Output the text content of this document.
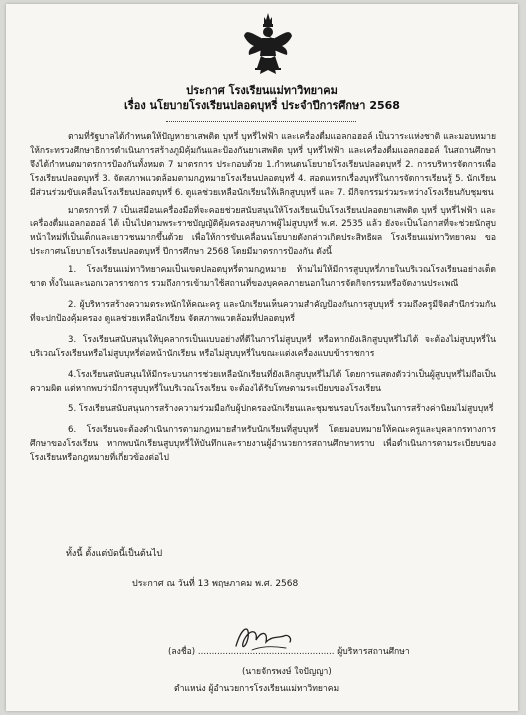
ประกาศ โรงเรียนแม่ทาวิทยาคม
เรื่อง นโยบายโรงเรียนปลอดบุหรี่ ประจำปีการศึกษา 2568

ตามที่รัฐบาลได้กำหนดให้ปัญหายาเสพติด บุหรี่ บุหรี่ไฟฟ้า และเครื่องดื่มแอลกอฮอล์ เป็นวาระแห่งชาติ และมอบหมายให้กระทรวงศึกษาธิการดำเนินการสร้างภูมิคุ้มกันและป้องกันยาเสพติด บุหรี่ บุหรี่ไฟฟ้า และเครื่องดื่มแอลกอฮอล์ ในสถานศึกษา จึงได้กำหนดมาตรการป้องกันทั้งหมด 7 มาตรการ ประกอบด้วย 1.กำหนดนโยบายโรงเรียนปลอดบุหรี่ 2. การบริหารจัดการเพื่อโรงเรียนปลอดบุหรี่ 3. จัดสภาพแวดล้อมตามกฎหมายโรงเรียนปลอดบุหรี่ 4. สอดแทรกเรื่องบุหรี่ในการจัดการเรียนรู้ 5. นักเรียนมีส่วนร่วมขับเคลื่อนโรงเรียนปลอดบุหรี่ 6. ดูแลช่วยเหลือนักเรียนให้เลิกสูบบุหรี่ และ 7. มีกิจกรรมร่วมระหว่างโรงเรียนกับชุมชน

มาตรการที่ 7 เป็นเสมือนเครื่องมือที่จะคอยช่วยสนับสนุนให้โรงเรียนเป็นโรงเรียนปลอดยาเสพติด บุหรี่ บุหรี่ไฟฟ้า และเครื่องดื่มแอลกอฮอล์ ได้ เป็นไปตามพระราชบัญญัติคุ้มครองสุขภาพผู้ไม่สูบบุหรี่ พ.ศ. 2535 แล้ว ยังจะเป็นโอกาสที่จะช่วยนักสูบหน้าใหม่ที่เป็นเด็กและเยาวชนมากขึ้นด้วย เพื่อให้การขับเคลื่อนนโยบายดังกล่าวเกิดประสิทธิผล โรงเรียนแม่ทาวิทยาคม ขอประกาศนโยบายโรงเรียนปลอดบุหรี่ ปีการศึกษา 2568 โดยมีมาตรการป้องกัน ดังนี้

1. โรงเรียนแม่ทาวิทยาคมเป็นเขตปลอดบุหรี่ตามกฎหมาย ห้ามไม่ให้มีการสูบบุหรี่ภายในบริเวณโรงเรียนอย่างเด็ดขาด ทั้งในและนอกเวลาราชการ รวมถึงการเข้ามาใช้สถานที่ของบุคคลภายนอกในการจัดกิจกรรมหรือจัดงานประเพณี

2. ผู้บริหารสร้างความตระหนักให้คณะครู และนักเรียนเห็นความสำคัญป้องกันการสูบบุหรี่ รวมถึงครูมีจิตสำนึกร่วมกันที่จะปกป้องคุ้มครอง ดูแลช่วยเหลือนักเรียน จัดสภาพแวดล้อมที่ปลอดบุหรี่

3. โรงเรียนสนับสนุนให้บุคลากรเป็นแบบอย่างที่ดีในการไม่สูบบุหรี่ หรือหากยังเลิกสูบบุหรี่ไม่ได้ จะต้องไม่สูบบุหรี่ในบริเวณโรงเรียนหรือไม่สูบบุหรี่ต่อหน้านักเรียน หรือไม่สูบบุหรี่ในขณะแต่งเครื่องแบบข้าราชการ

4.โรงเรียนสนับสนุนให้มีกระบวนการช่วยเหลือนักเรียนที่ยังเลิกสูบบุหรี่ไม่ได้ โดยการแสดงตัวว่าเป็นผู้สูบบุหรี่ไม่ถือเป็นความผิด แต่หากพบว่ามีการสูบบุหรี่ในบริเวณโรงเรียน จะต้องได้รับโทษตามระเบียบของโรงเรียน

5. โรงเรียนสนับสนุนการสร้างความร่วมมือกับผู้ปกครองนักเรียนและชุมชนรอบโรงเรียนในการสร้างค่านิยมไม่สูบบุหรี่

6. โรงเรียนจะต้องดำเนินการตามกฎหมายสำหรับนักเรียนที่สูบบุหรี่ โดยมอบหมายให้คณะครูและบุคลากรทางการศึกษาของโรงเรียน หากพบนักเรียนสูบบุหรี่ให้บันทึกและรายงานผู้อำนวยการสถานศึกษาทราบ เพื่อดำเนินการตามระเบียบของโรงเรียนหรือกฎหมายที่เกี่ยวข้องต่อไป

ทั้งนี้ ตั้งแต่บัดนี้เป็นต้นไป
ประกาศ ณ วันที่ 13 พฤษภาคม พ.ศ. 2568
(ลงชื่อ) .................................................. ผู้บริหารสถานศึกษา
(นายจักรพงษ์ ใจปัญญา)
ตำแหน่ง ผู้อำนวยการโรงเรียนแม่ทาวิทยาคม
